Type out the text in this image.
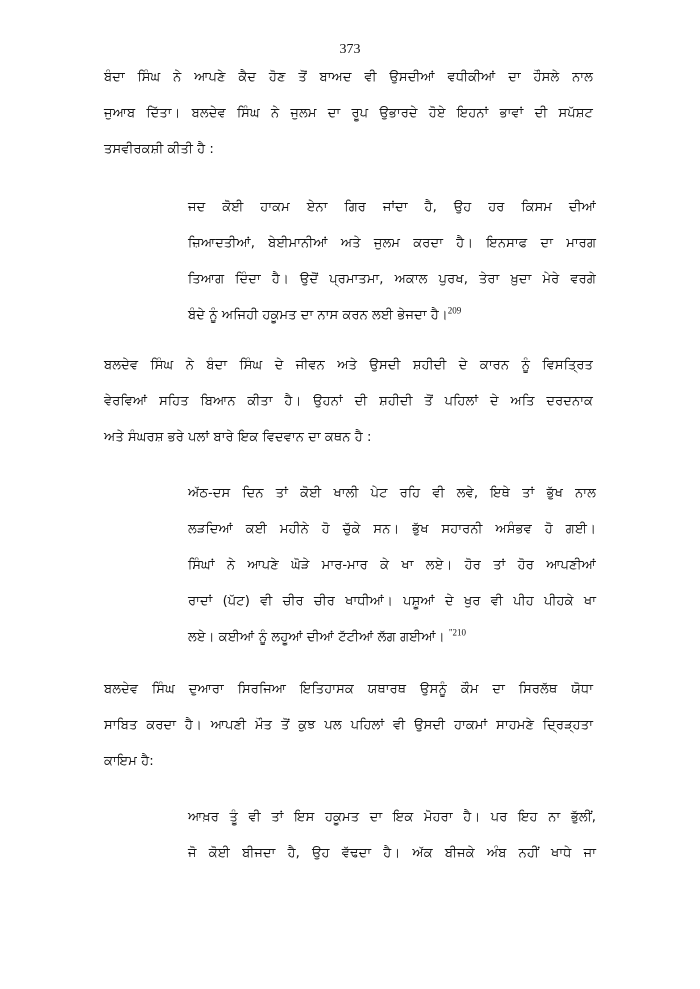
373
ਬੰਦਾ ਸਿੰਘ ਨੇ ਆਪਣੇ ਕੈਦ ਹੋਣ ਤੋਂ ਬਾਅਦ ਵੀ ਉਸਦੀਆਂ ਵਧੀਕੀਆਂ ਦਾ ਹੌਸਲੇ ਨਾਲ
ਜੁਆਬ ਦਿੱਤਾ। ਬਲਦੇਵ ਸਿੰਘ ਨੇ ਜੁਲਮ ਦਾ ਰੂਪ ਉਭਾਰਦੇ ਹੋਏ ਇਹਨਾਂ ਭਾਵਾਂ ਦੀ ਸਪੱਸ਼ਟ
ਤਸਵੀਰਕਸ਼ੀ ਕੀਤੀ ਹੈ :
ਜਦ ਕੋਈ ਹਾਕਮ ਏਨਾ ਗਿਰ ਜਾਂਦਾ ਹੈ, ਉਹ ਹਰ ਕਿਸਮ ਦੀਆਂ
ਜ਼ਿਆਦਤੀਆਂ, ਬੇਈਮਾਨੀਆਂ ਅਤੇ ਜੁਲਮ ਕਰਦਾ ਹੈ। ਇਨਸਾਫ ਦਾ ਮਾਰਗ
ਤਿਆਗ ਦਿੰਦਾ ਹੈ। ਉਦੋਂ ਪ੍ਰਮਾਤਮਾ, ਅਕਾਲ ਪੁਰਖ, ਤੇਰਾ ਖ਼ੁਦਾ ਮੇਰੇ ਵਰਗੇ
ਬੰਦੇ ਨੂੰ ਅਜਿਹੀ ਹਕੂਮਤ ਦਾ ਨਾਸ ਕਰਨ ਲਈ ਭੇਜਦਾ ਹੈ।$^{209}$
ਬਲਦੇਵ ਸਿੰਘ ਨੇ ਬੰਦਾ ਸਿੰਘ ਦੇ ਜੀਵਨ ਅਤੇ ਉਸਦੀ ਸ਼ਹੀਦੀ ਦੇ ਕਾਰਨ ਨੂੰ ਵਿਸਤ੍ਰਿਤ
ਵੇਰਵਿਆਂ ਸਹਿਤ ਬਿਆਨ ਕੀਤਾ ਹੈ। ਉਹਨਾਂ ਦੀ ਸ਼ਹੀਦੀ ਤੋਂ ਪਹਿਲਾਂ ਦੇ ਅਤਿ ਦਰਦਨਾਕ
ਅਤੇ ਸੰਘਰਸ਼ ਭਰੇ ਪਲਾਂ ਬਾਰੇ ਇਕ ਵਿਦਵਾਨ ਦਾ ਕਥਨ ਹੈ :
ਅੱਠ-ਦਸ ਦਿਨ ਤਾਂ ਕੋਈ ਖਾਲੀ ਪੇਟ ਰਹਿ ਵੀ ਲਵੇ, ਇਥੇ ਤਾਂ ਭੁੱਖ ਨਾਲ
ਲੜਦਿਆਂ ਕਈ ਮਹੀਨੇ ਹੋ ਚੁੱਕੇ ਸਨ। ਭੁੱਖ ਸਹਾਰਨੀ ਅਸੰਭਵ ਹੋ ਗਈ।
ਸਿੰਘਾਂ ਨੇ ਆਪਣੇ ਘੋੜੇ ਮਾਰ-ਮਾਰ ਕੇ ਖਾ ਲਏ। ਹੋਰ ਤਾਂ ਹੋਰ ਆਪਣੀਆਂ
ਰਾਦਾਂ (ਪੱਟ) ਵੀ ਚੀਰ ਚੀਰ ਖਾਧੀਆਂ। ਪਸ਼ੂਆਂ ਦੇ ਖੁਰ ਵੀ ਪੀਹ ਪੀਹਕੇ ਖਾ
ਲਏ। ਕਈਆਂ ਨੂੰ ਲਹੂਆਂ ਦੀਆਂ ਟੱਟੀਆਂ ਲੱਗ ਗਈਆਂ। $^{"210}$
ਬਲਦੇਵ ਸਿੰਘ ਦੁਆਰਾ ਸਿਰਜਿਆ ਇਤਿਹਾਸਕ ਯਥਾਰਥ ਉਸਨੂੰ ਕੌਮ ਦਾ ਸਿਰਲੱਥ ਯੋਧਾ
ਸਾਬਿਤ ਕਰਦਾ ਹੈ। ਆਪਣੀ ਮੌਤ ਤੋਂ ਕੁਝ ਪਲ ਪਹਿਲਾਂ ਵੀ ਉਸਦੀ ਹਾਕਮਾਂ ਸਾਹਮਣੇ ਦ੍ਰਿੜ੍ਹਤਾ
ਕਾਇਮ ਹੈ:
ਆਖ਼ਰ ਤੂੰ ਵੀ ਤਾਂ ਇਸ ਹਕੂਮਤ ਦਾ ਇਕ ਮੋਹਰਾ ਹੈ। ਪਰ ਇਹ ਨਾ ਭੁੱਲੀਂ,
ਜੋ ਕੋਈ ਬੀਜਦਾ ਹੈ, ਉਹ ਵੱਢਦਾ ਹੈ। ਅੱਕ ਬੀਜਕੇ ਅੰਬ ਨਹੀਂ ਖਾਧੇ ਜਾ
